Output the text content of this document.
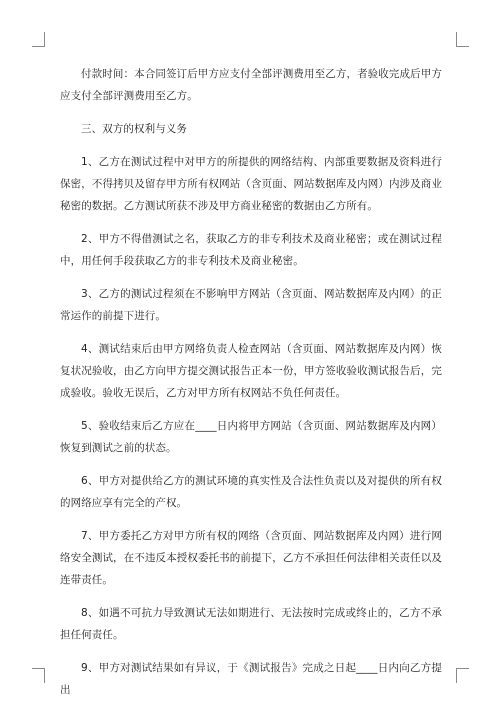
付款时间：本合同签订后甲方应支付全部评测费用至乙方，者验收完成后甲方应支付全部评测费用至乙方。

三、双方的权利与义务

1、乙方在测试过程中对甲方的所提供的网络结构、内部重要数据及资料进行保密，不得拷贝及留存甲方所有权网站（含页面、网站数据库及内网）内涉及商业秘密的数据。乙方测试所获不涉及甲方商业秘密的数据由乙方所有。

2、甲方不得借测试之名，获取乙方的非专利技术及商业秘密；或在测试过程中，用任何手段获取乙方的非专利技术及商业秘密。

3、乙方的测试过程须在不影响甲方网站（含页面、网站数据库及内网）的正常运作的前提下进行。

4、测试结束后由甲方网络负责人检查网站（含页面、网站数据库及内网）恢复状况验收，由乙方向甲方提交测试报告正本一份，甲方签收验收测试报告后，完成验收。验收无误后，乙方对甲方所有权网站不负任何责任。

5、验收结束后乙方应在____日内将甲方网站（含页面、网站数据库及内网）恢复到测试之前的状态。

6、甲方对提供给乙方的测试环境的真实性及合法性负责以及对提供的所有权的网络应享有完全的产权。

7、甲方委托乙方对甲方所有权的网络（含页面、网站数据库及内网）进行网络安全测试，在不违反本授权委托书的前提下，乙方不承担任何法律相关责任以及连带责任。

8、如遇不可抗力导致测试无法如期进行、无法按时完成或终止的，乙方不承担任何责任。

9、甲方对测试结果如有异议，于《测试报告》完成之日起____日内向乙方提出
